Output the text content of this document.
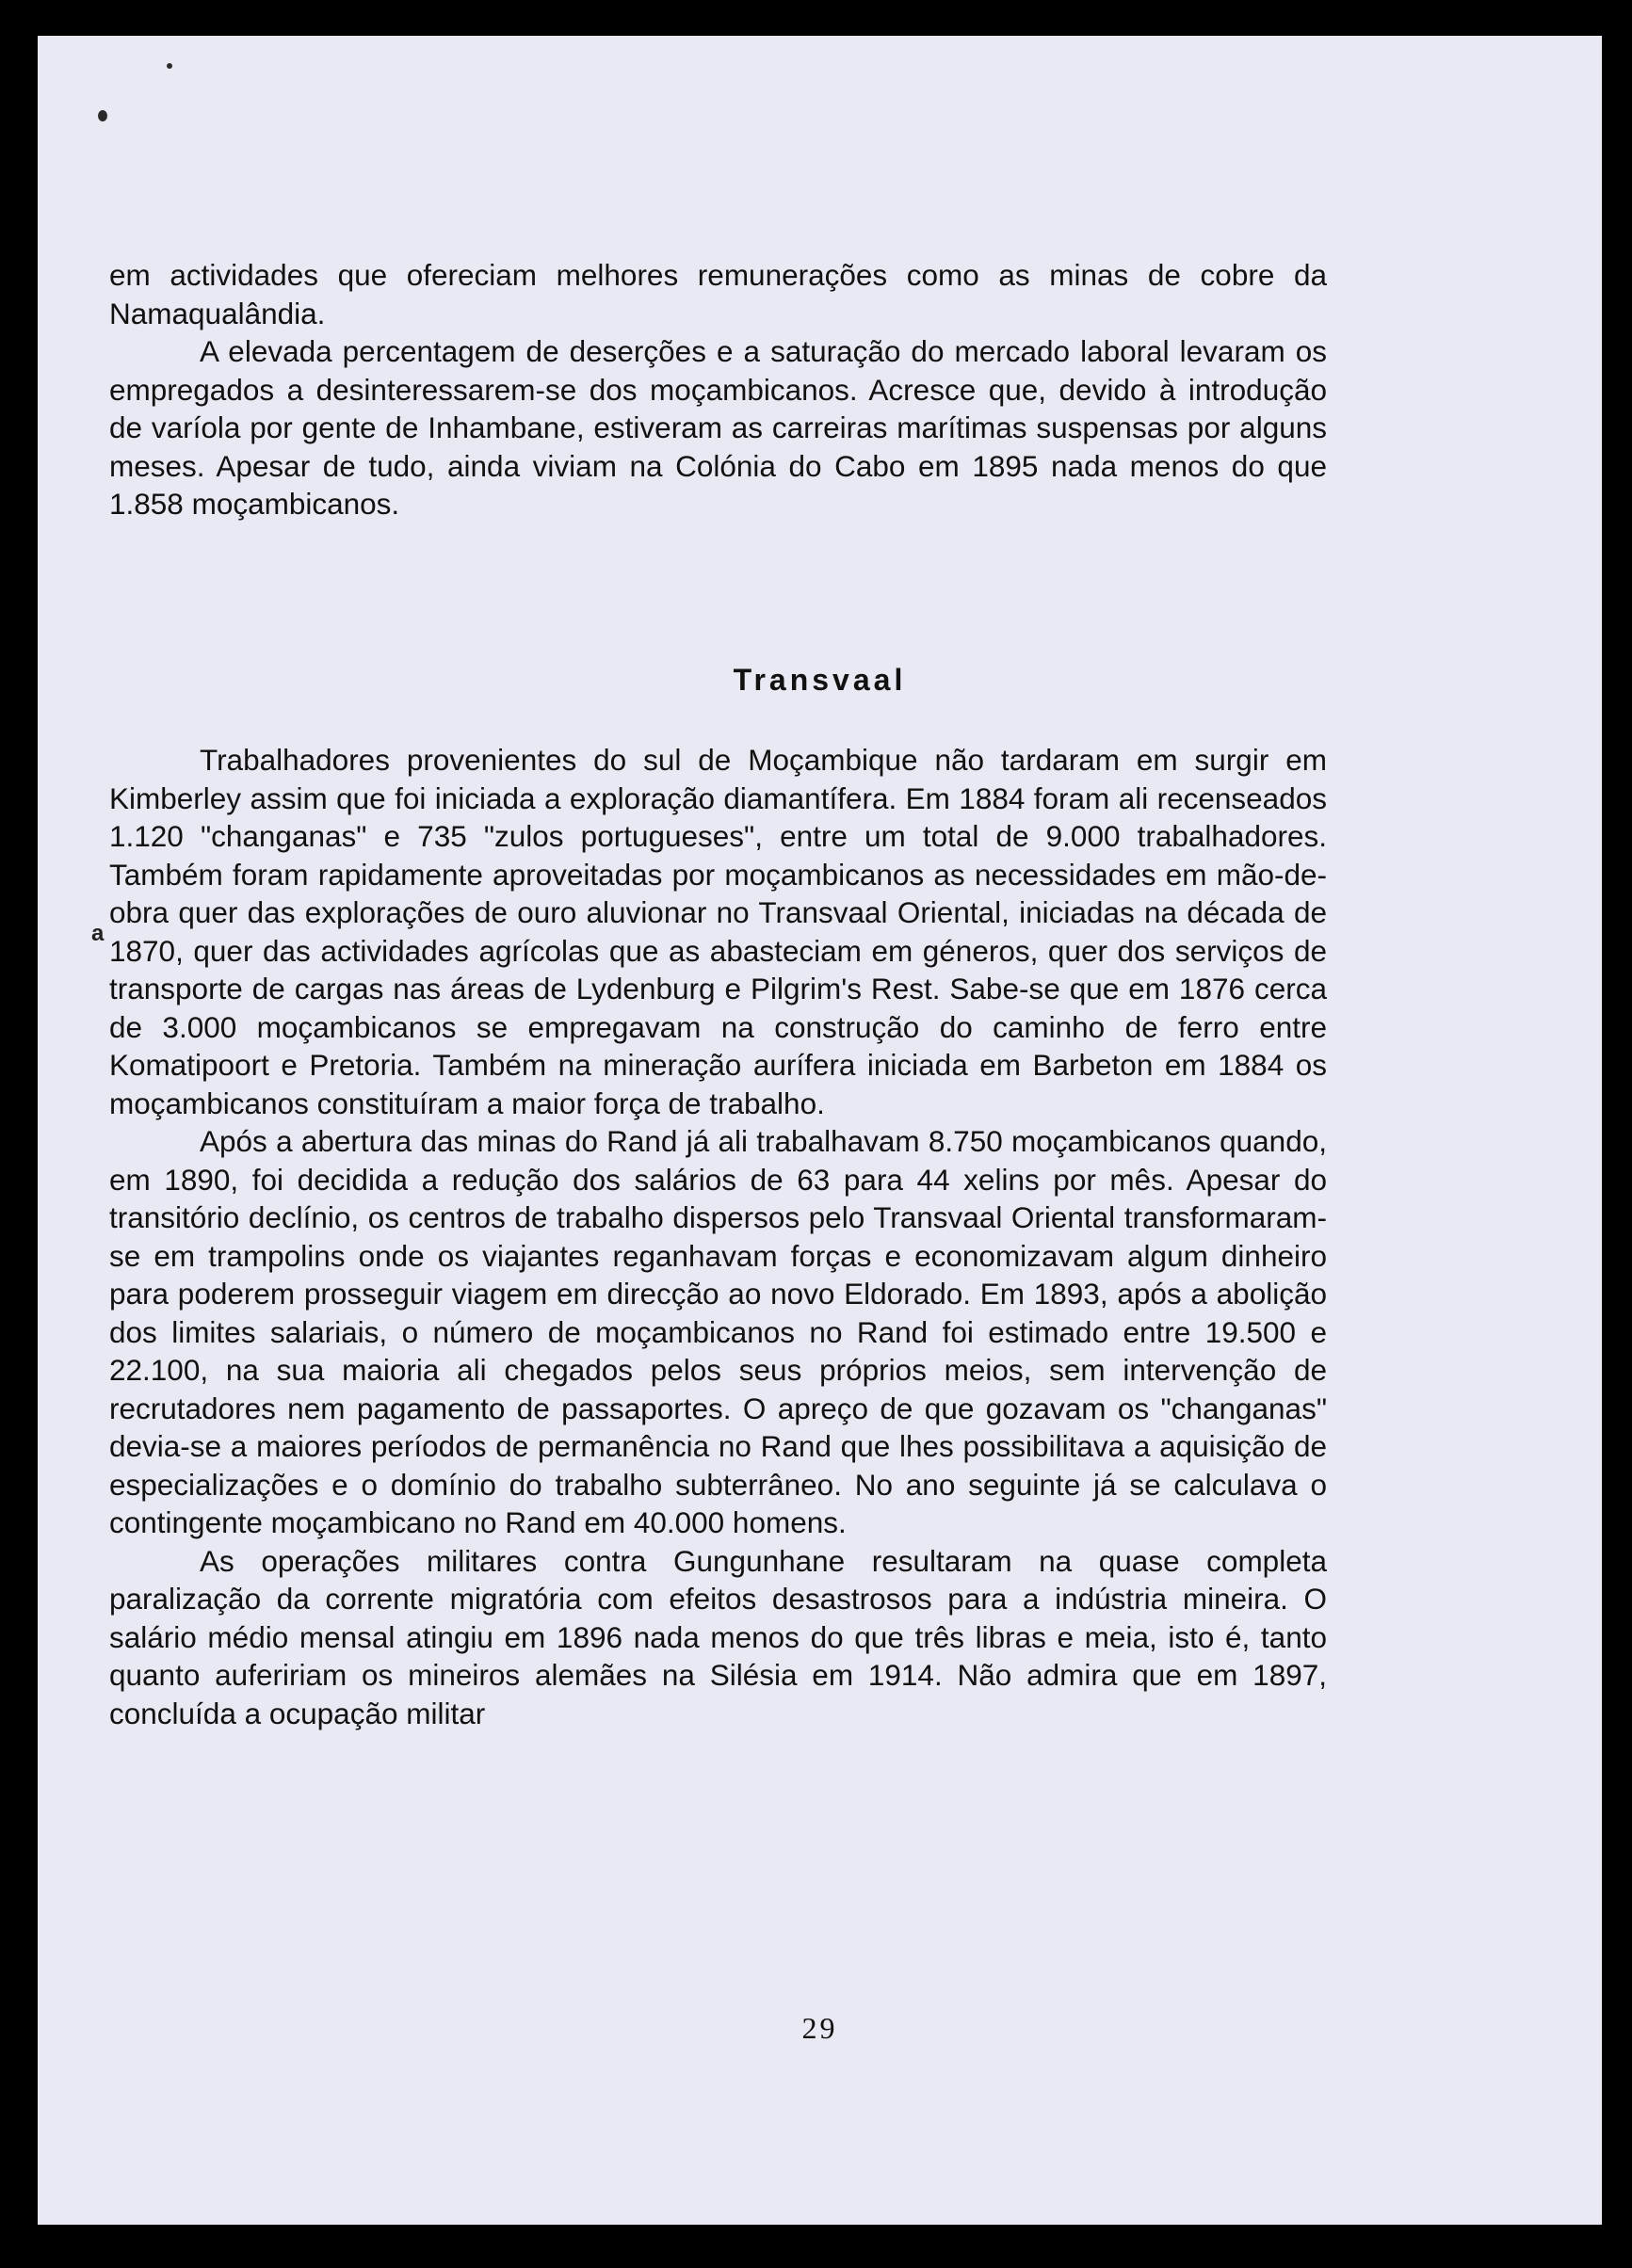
em actividades que ofereciam melhores remunerações como as minas de cobre da Namaqualândia.

A elevada percentagem de deserções e a saturação do mercado laboral levaram os empregados a desinteressarem-se dos moçambicanos. Acresce que, devido à introdução de varíola por gente de Inhambane, estiveram as carreiras marítimas suspensas por alguns meses. Apesar de tudo, ainda viviam na Colónia do Cabo em 1895 nada menos do que 1.858 moçambicanos.

Transvaal

Trabalhadores provenientes do sul de Moçambique não tardaram em surgir em Kimberley assim que foi iniciada a exploração diamantífera. Em 1884 foram ali recenseados 1.120 "changanas" e 735 "zulos portugueses", entre um total de 9.000 trabalhadores. Também foram rapidamente aproveitadas por moçambicanos as necessidades em mão-de-obra quer das explorações de ouro aluvionar no Transvaal Oriental, iniciadas na década de 1870, quer das actividades agrícolas que as abasteciam em géneros, quer dos serviços de transporte de cargas nas áreas de Lydenburg e Pilgrim's Rest. Sabe-se que em 1876 cerca de 3.000 moçambicanos se empregavam na construção do caminho de ferro entre Komatipoort e Pretoria. Também na mineração aurífera iniciada em Barbeton em 1884 os moçambicanos constituíram a maior força de trabalho.

Após a abertura das minas do Rand já ali trabalhavam 8.750 moçambicanos quando, em 1890, foi decidida a redução dos salários de 63 para 44 xelins por mês. Apesar do transitório declínio, os centros de trabalho dispersos pelo Transvaal Oriental transformaram-se em trampolins onde os viajantes reganhavam forças e economizavam algum dinheiro para poderem prosseguir viagem em direcção ao novo Eldorado. Em 1893, após a abolição dos limites salariais, o número de moçambicanos no Rand foi estimado entre 19.500 e 22.100, na sua maioria ali chegados pelos seus próprios meios, sem intervenção de recrutadores nem pagamento de passaportes. O apreço de que gozavam os "changanas" devia-se a maiores períodos de permanência no Rand que lhes possibilitava a aquisição de especializações e o domínio do trabalho subterrâneo. No ano seguinte já se calculava o contingente moçambicano no Rand em 40.000 homens.

As operações militares contra Gungunhane resultaram na quase completa paralização da corrente migratória com efeitos desastrosos para a indústria mineira. O salário médio mensal atingiu em 1896 nada menos do que três libras e meia, isto é, tanto quanto aufeririam os mineiros alemães na Silésia em 1914. Não admira que em 1897, concluída a ocupação militar

a
29
